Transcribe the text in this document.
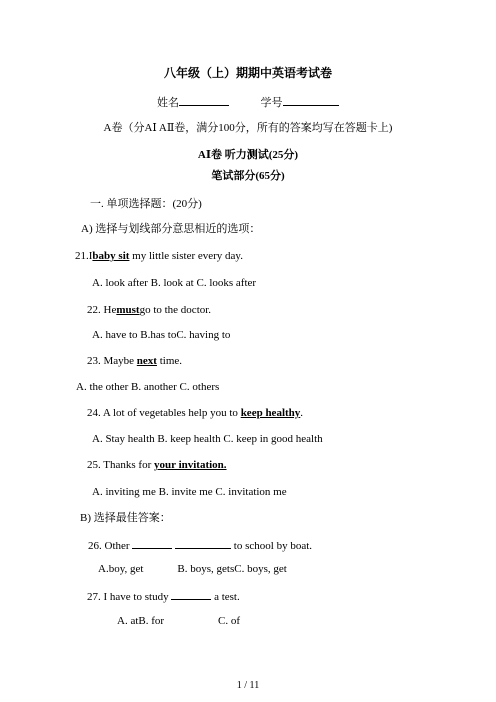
八年级（上）期期中英语考试卷
姓名	学号
A卷（分AⅠ AⅡ卷，满分100分，所有的答案均写在答题卡上)
AⅠ卷 听力测试(25分)
笔试部分(65分)
一. 单项选择题：(20分)
A) 选择与划线部分意思相近的选项：
21.Ibaby sit my little sister every day.
A. look after B. look at C. looks after
22. Hemustgo to the doctor.
A. have to B.has toC. having to
23. Maybe next time.
A. the other B. another C. others
24. A lot of vegetables help you to keep healthy.
A. Stay health B. keep health C. keep in good health
25. Thanks for your invitation.
A. inviting me B. invite me C. invitation me
B) 选择最佳答案：
26. Other	to school by boat.
A.boy, get	B. boys, getsC. boys, get
27. I have to study	a test.
A. atB. for	C. of
1 / 11
